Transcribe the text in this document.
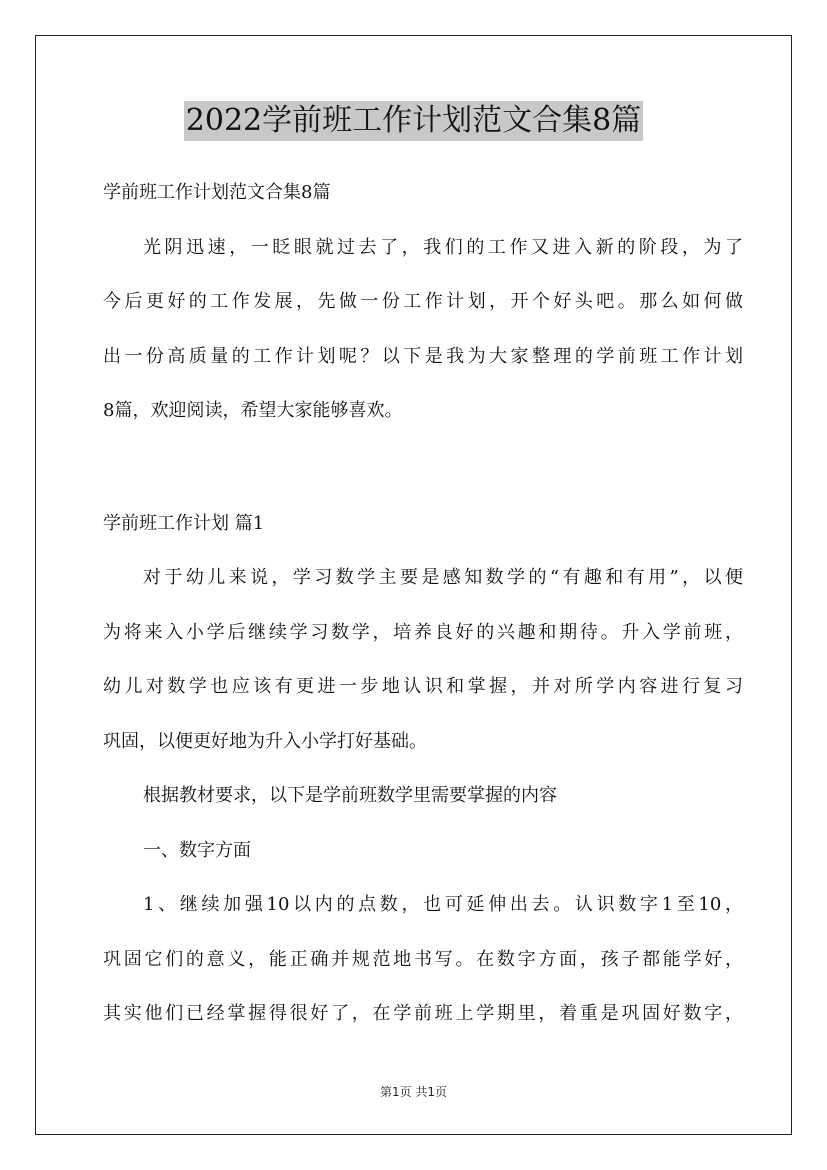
2022学前班工作计划范文合集8篇
学前班工作计划范文合集8篇
光阴迅速，一眨眼就过去了，我们的工作又进入新的阶段，为了
今后更好的工作发展，先做一份工作计划，开个好头吧。那么如何做
出一份高质量的工作计划呢？以下是我为大家整理的学前班工作计划
8篇，欢迎阅读，希望大家能够喜欢。
学前班工作计划 篇1
对于幼儿来说，学习数学主要是感知数学的“有趣和有用”，以便
为将来入小学后继续学习数学，培养良好的兴趣和期待。升入学前班，
幼儿对数学也应该有更进一步地认识和掌握，并对所学内容进行复习
巩固，以便更好地为升入小学打好基础。
根据教材要求，以下是学前班数学里需要掌握的内容
一、数字方面
1、继续加强10以内的点数，也可延伸出去。认识数字1至10，
巩固它们的意义，能正确并规范地书写。在数字方面，孩子都能学好，
其实他们已经掌握得很好了，在学前班上学期里，着重是巩固好数字，
第1页 共1页
